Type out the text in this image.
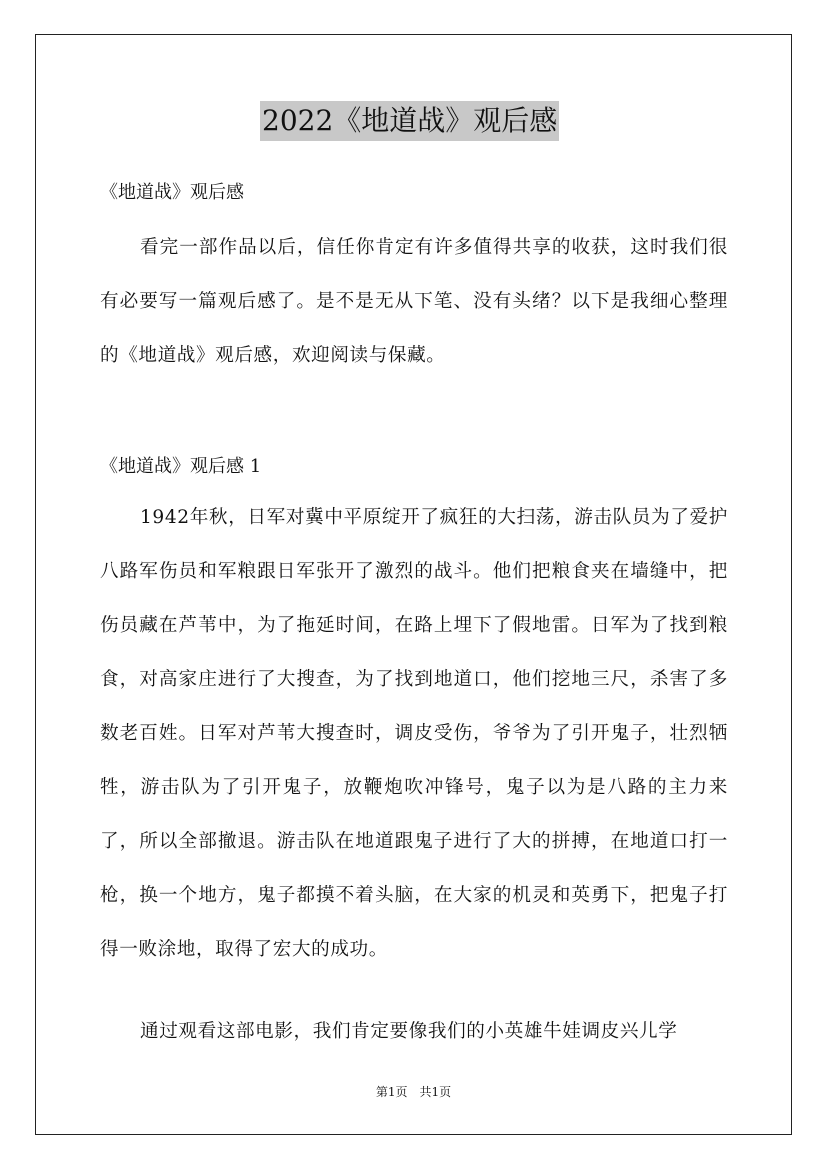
2022《地道战》观后感
《地道战》观后感

看完一部作品以后，信任你肯定有许多值得共享的收获，这时我们很有必要写一篇观后感了。是不是无从下笔、没有头绪？以下是我细心整理的《地道战》观后感，欢迎阅读与保藏。

《地道战》观后感 1

1942年秋，日军对冀中平原绽开了疯狂的大扫荡，游击队员为了爱护八路军伤员和军粮跟日军张开了激烈的战斗。他们把粮食夹在墙缝中，把伤员藏在芦苇中，为了拖延时间，在路上埋下了假地雷。日军为了找到粮食，对高家庄进行了大搜查，为了找到地道口，他们挖地三尺，杀害了多数老百姓。日军对芦苇大搜查时，调皮受伤，爷爷为了引开鬼子，壮烈牺牲，游击队为了引开鬼子，放鞭炮吹冲锋号，鬼子以为是八路的主力来了，所以全部撤退。游击队在地道跟鬼子进行了大的拼搏，在地道口打一枪，换一个地方，鬼子都摸不着头脑，在大家的机灵和英勇下，把鬼子打得一败涂地，取得了宏大的成功。

通过观看这部电影，我们肯定要像我们的小英雄牛娃调皮兴儿学

第1页　共1页
